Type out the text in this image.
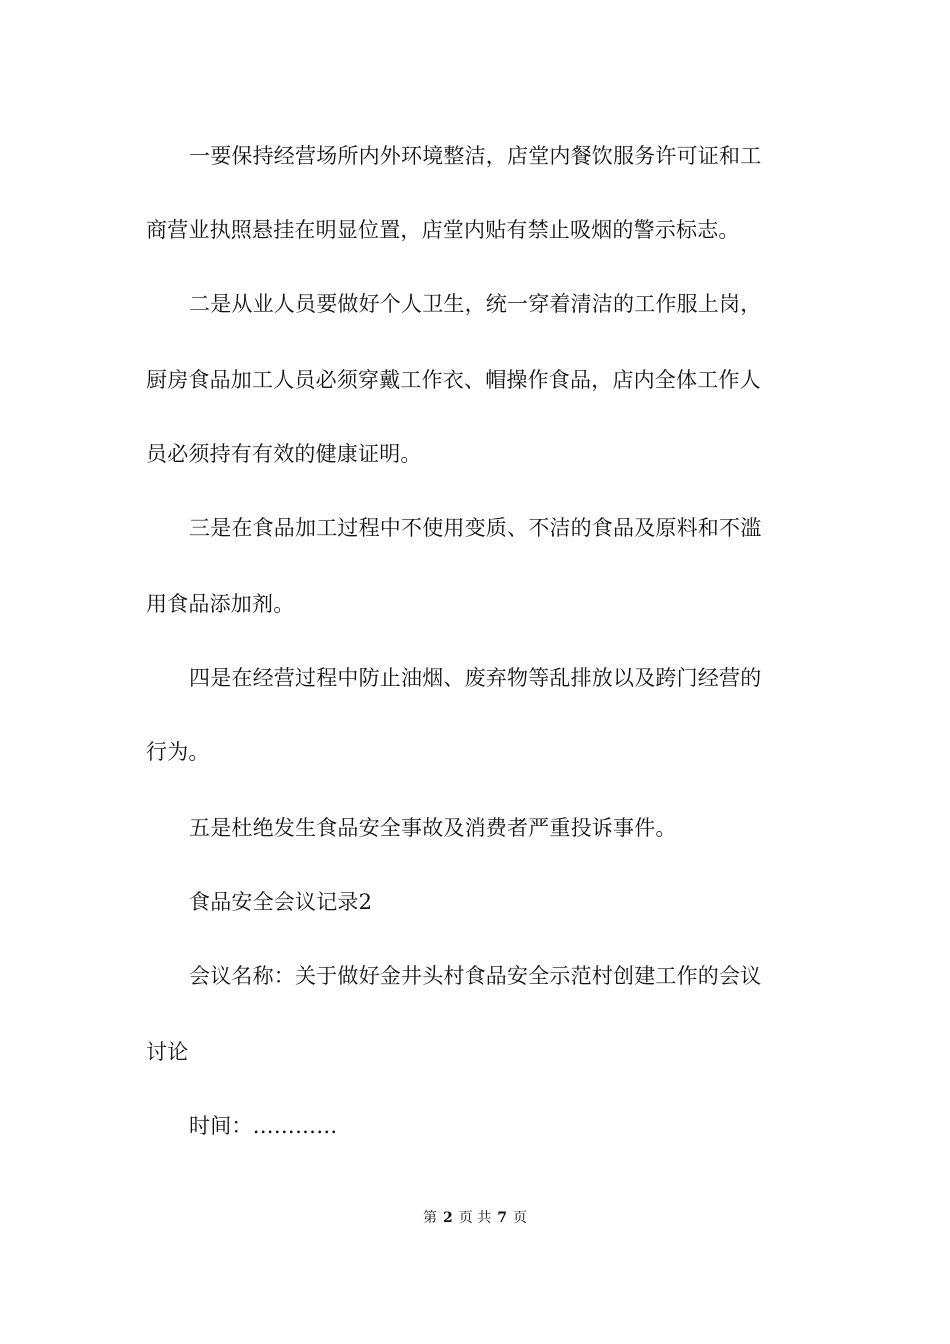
一要保持经营场所内外环境整洁，店堂内餐饮服务许可证和工
商营业执照悬挂在明显位置，店堂内贴有禁止吸烟的警示标志。
二是从业人员要做好个人卫生，统一穿着清洁的工作服上岗，
厨房食品加工人员必须穿戴工作衣、帽操作食品，店内全体工作人
员必须持有有效的健康证明。
三是在食品加工过程中不使用变质、不洁的食品及原料和不滥
用食品添加剂。
四是在经营过程中防止油烟、废弃物等乱排放以及跨门经营的
行为。
五是杜绝发生食品安全事故及消费者严重投诉事件。
食品安全会议记录2
会议名称：关于做好金井头村食品安全示范村创建工作的会议
讨论
时间：…………
第 2 页 共 7 页
